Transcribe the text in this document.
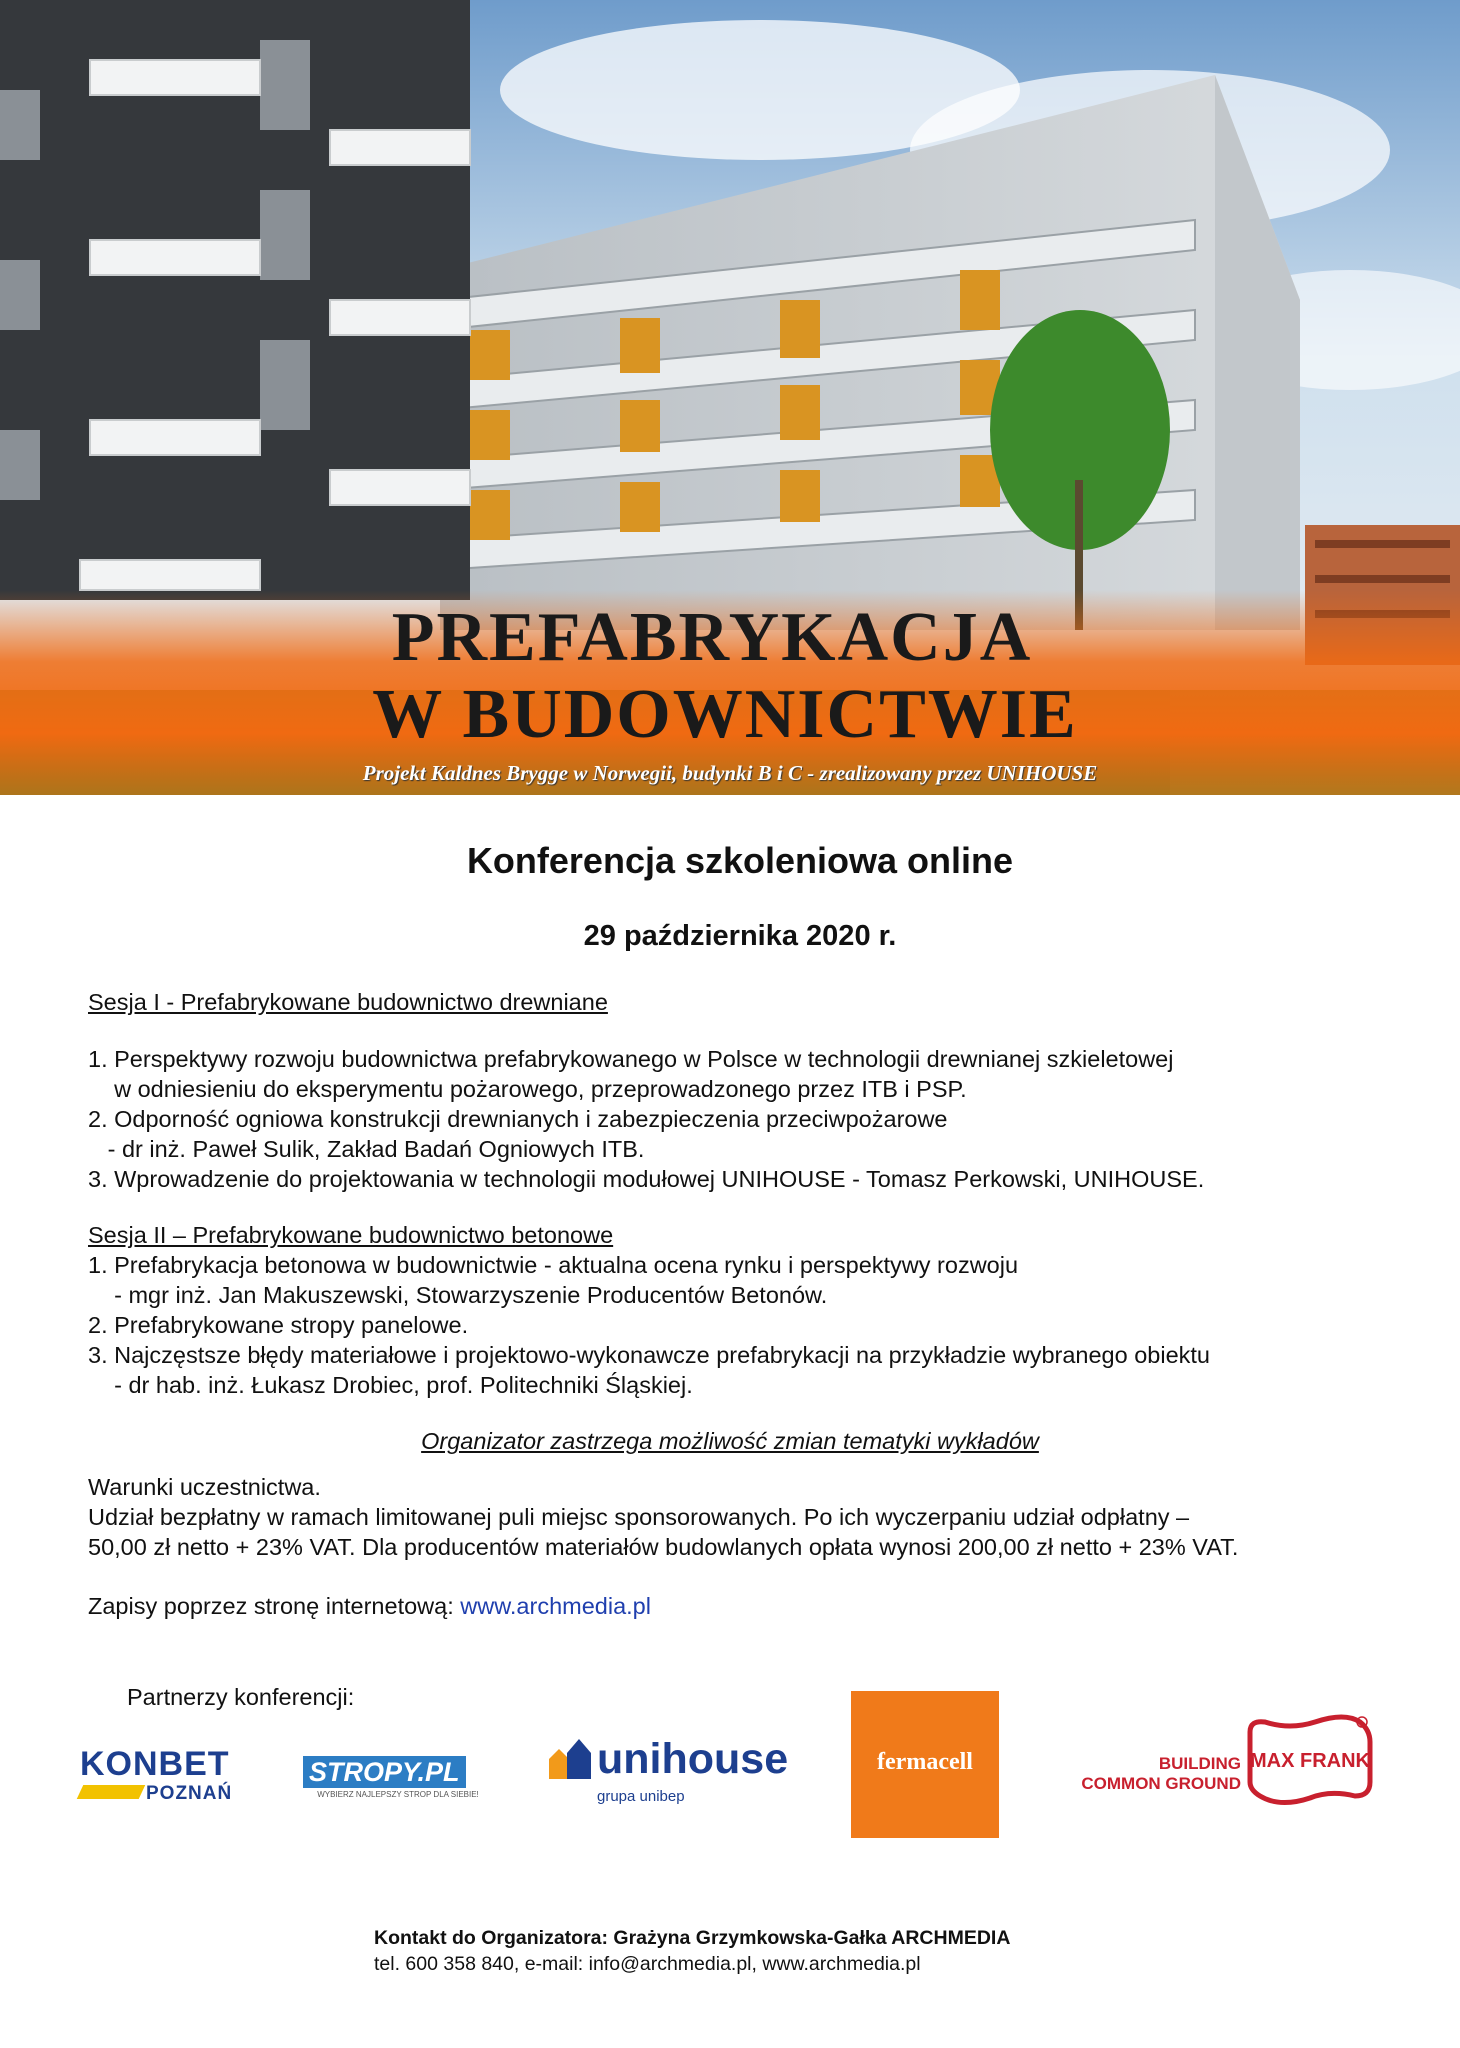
PREFABRYKACJA

W BUDOWNICTWIE

Projekt Kaldnes Brygge w Norwegii, budynki B i C - zrealizowany przez UNIHOUSE

Konferencja szkoleniowa online

29 października 2020 r.

Sesja I - Prefabrykowane budownictwo drewniane

1. Perspektywy rozwoju budownictwa prefabrykowanego w Polsce w technologii drewnianej szkieletowej

w odniesieniu do eksperymentu pożarowego, przeprowadzonego przez ITB i PSP.

2. Odporność ogniowa konstrukcji drewnianych i zabezpieczenia przeciwpożarowe

- dr inż. Paweł Sulik, Zakład Badań Ogniowych ITB.

3. Wprowadzenie do projektowania w technologii modułowej UNIHOUSE - Tomasz Perkowski, UNIHOUSE.

Sesja II – Prefabrykowane budownictwo betonowe

1. Prefabrykacja betonowa w budownictwie - aktualna ocena rynku i perspektywy rozwoju

- mgr inż. Jan Makuszewski, Stowarzyszenie Producentów Betonów.

2. Prefabrykowane stropy panelowe.

3. Najczęstsze błędy materiałowe i projektowo-wykonawcze prefabrykacji na przykładzie wybranego obiektu

- dr hab. inż. Łukasz Drobiec, prof. Politechniki Śląskiej.

Organizator zastrzega możliwość zmian tematyki wykładów

Warunki uczestnictwa.

Udział bezpłatny w ramach limitowanej puli miejsc sponsorowanych. Po ich wyczerpaniu udział odpłatny –

50,00 zł netto + 23% VAT. Dla producentów materiałów budowlanych opłata wynosi 200,00 zł netto + 23% VAT.

Zapisy poprzez stronę internetową: www.archmedia.pl

Partnerzy konferencji:

KONBET
POZNAŃ
STROPY.PL
WYBIERZ NAJLEPSZY STROP DLA SIEBIE!
unihouse
grupa unibep
fermacell	BUILDING
COMMON GROUND
MAX FRANK
Kontakt do Organizatora: Grażyna Grzymkowska-Gałka ARCHMEDIA
tel. 600 358 840, e-mail: info@archmedia.pl, www.archmedia.pl
